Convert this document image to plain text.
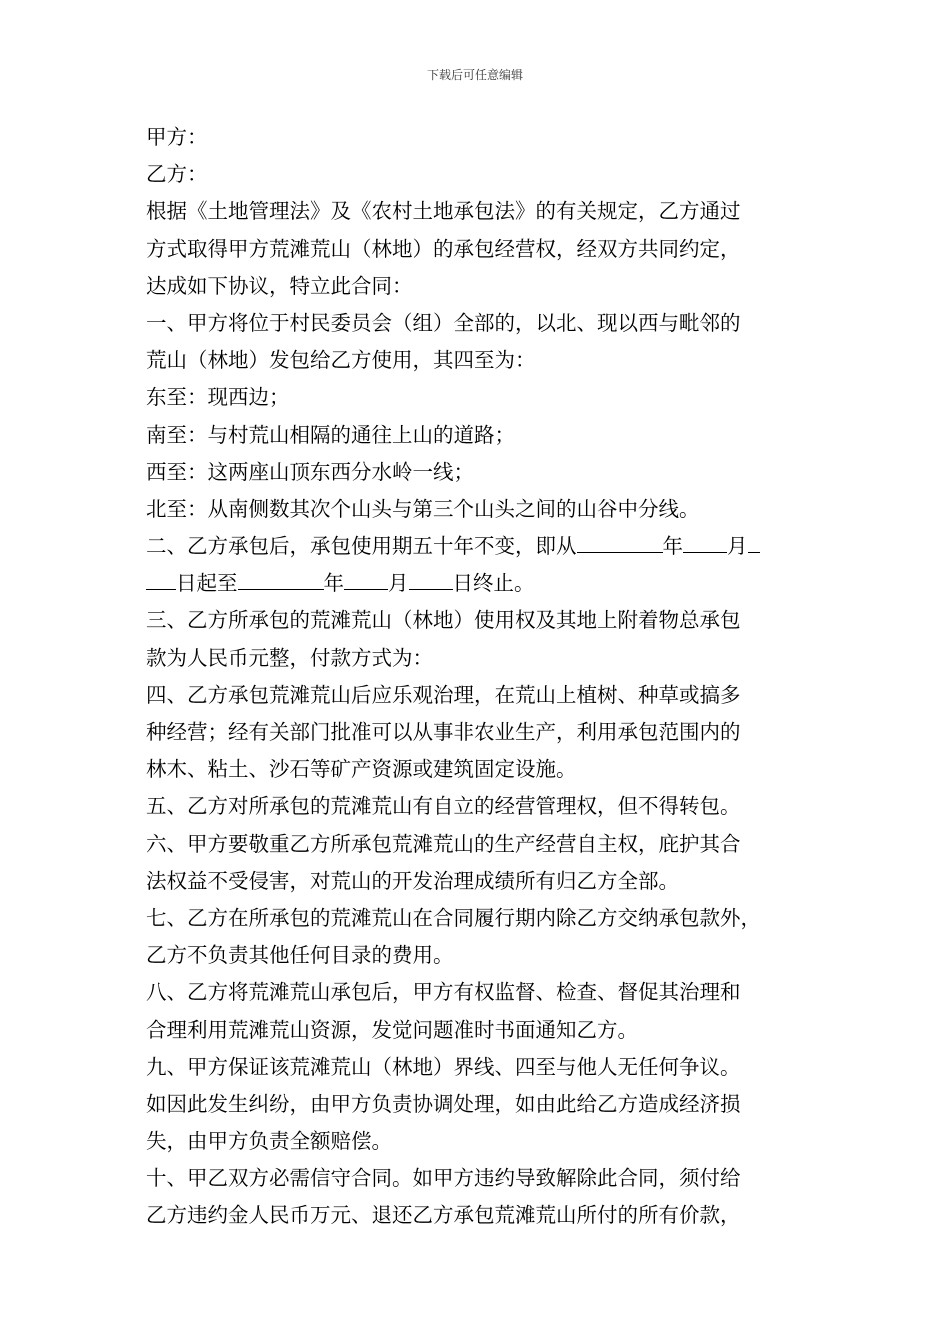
下载后可任意编辑
甲方：
乙方：
根据《土地管理法》及《农村土地承包法》的有关规定，乙方通过
方式取得甲方荒滩荒山（林地）的承包经营权，经双方共同约定，
达成如下协议，特立此合同：
一、甲方将位于村民委员会（组）全部的，以北、现以西与毗邻的
荒山（林地）发包给乙方使用，其四至为：
东至：现西边；
南至：与村荒山相隔的通往上山的道路；
西至：这两座山顶东西分水岭一线；
北至：从南侧数其次个山头与第三个山头之间的山谷中分线。
二、乙方承包后，承包使用期五十年不变，即从	年 月
日起至	年 月 日终止。
三、乙方所承包的荒滩荒山（林地）使用权及其地上附着物总承包
款为人民币元整，付款方式为：
四、乙方承包荒滩荒山后应乐观治理，在荒山上植树、种草或搞多
种经营；经有关部门批准可以从事非农业生产，利用承包范围内的
林木、粘土、沙石等矿产资源或建筑固定设施。
五、乙方对所承包的荒滩荒山有自立的经营管理权，但不得转包。
六、甲方要敬重乙方所承包荒滩荒山的生产经营自主权，庇护其合
法权益不受侵害，对荒山的开发治理成绩所有归乙方全部。
七、乙方在所承包的荒滩荒山在合同履行期内除乙方交纳承包款外，
乙方不负责其他任何目录的费用。
八、乙方将荒滩荒山承包后，甲方有权监督、检查、督促其治理和
合理利用荒滩荒山资源，发觉问题准时书面通知乙方。
九、甲方保证该荒滩荒山（林地）界线、四至与他人无任何争议。
如因此发生纠纷，由甲方负责协调处理，如由此给乙方造成经济损
失，由甲方负责全额赔偿。
十、甲乙双方必需信守合同。如甲方违约导致解除此合同，须付给
乙方违约金人民币万元、退还乙方承包荒滩荒山所付的所有价款，
